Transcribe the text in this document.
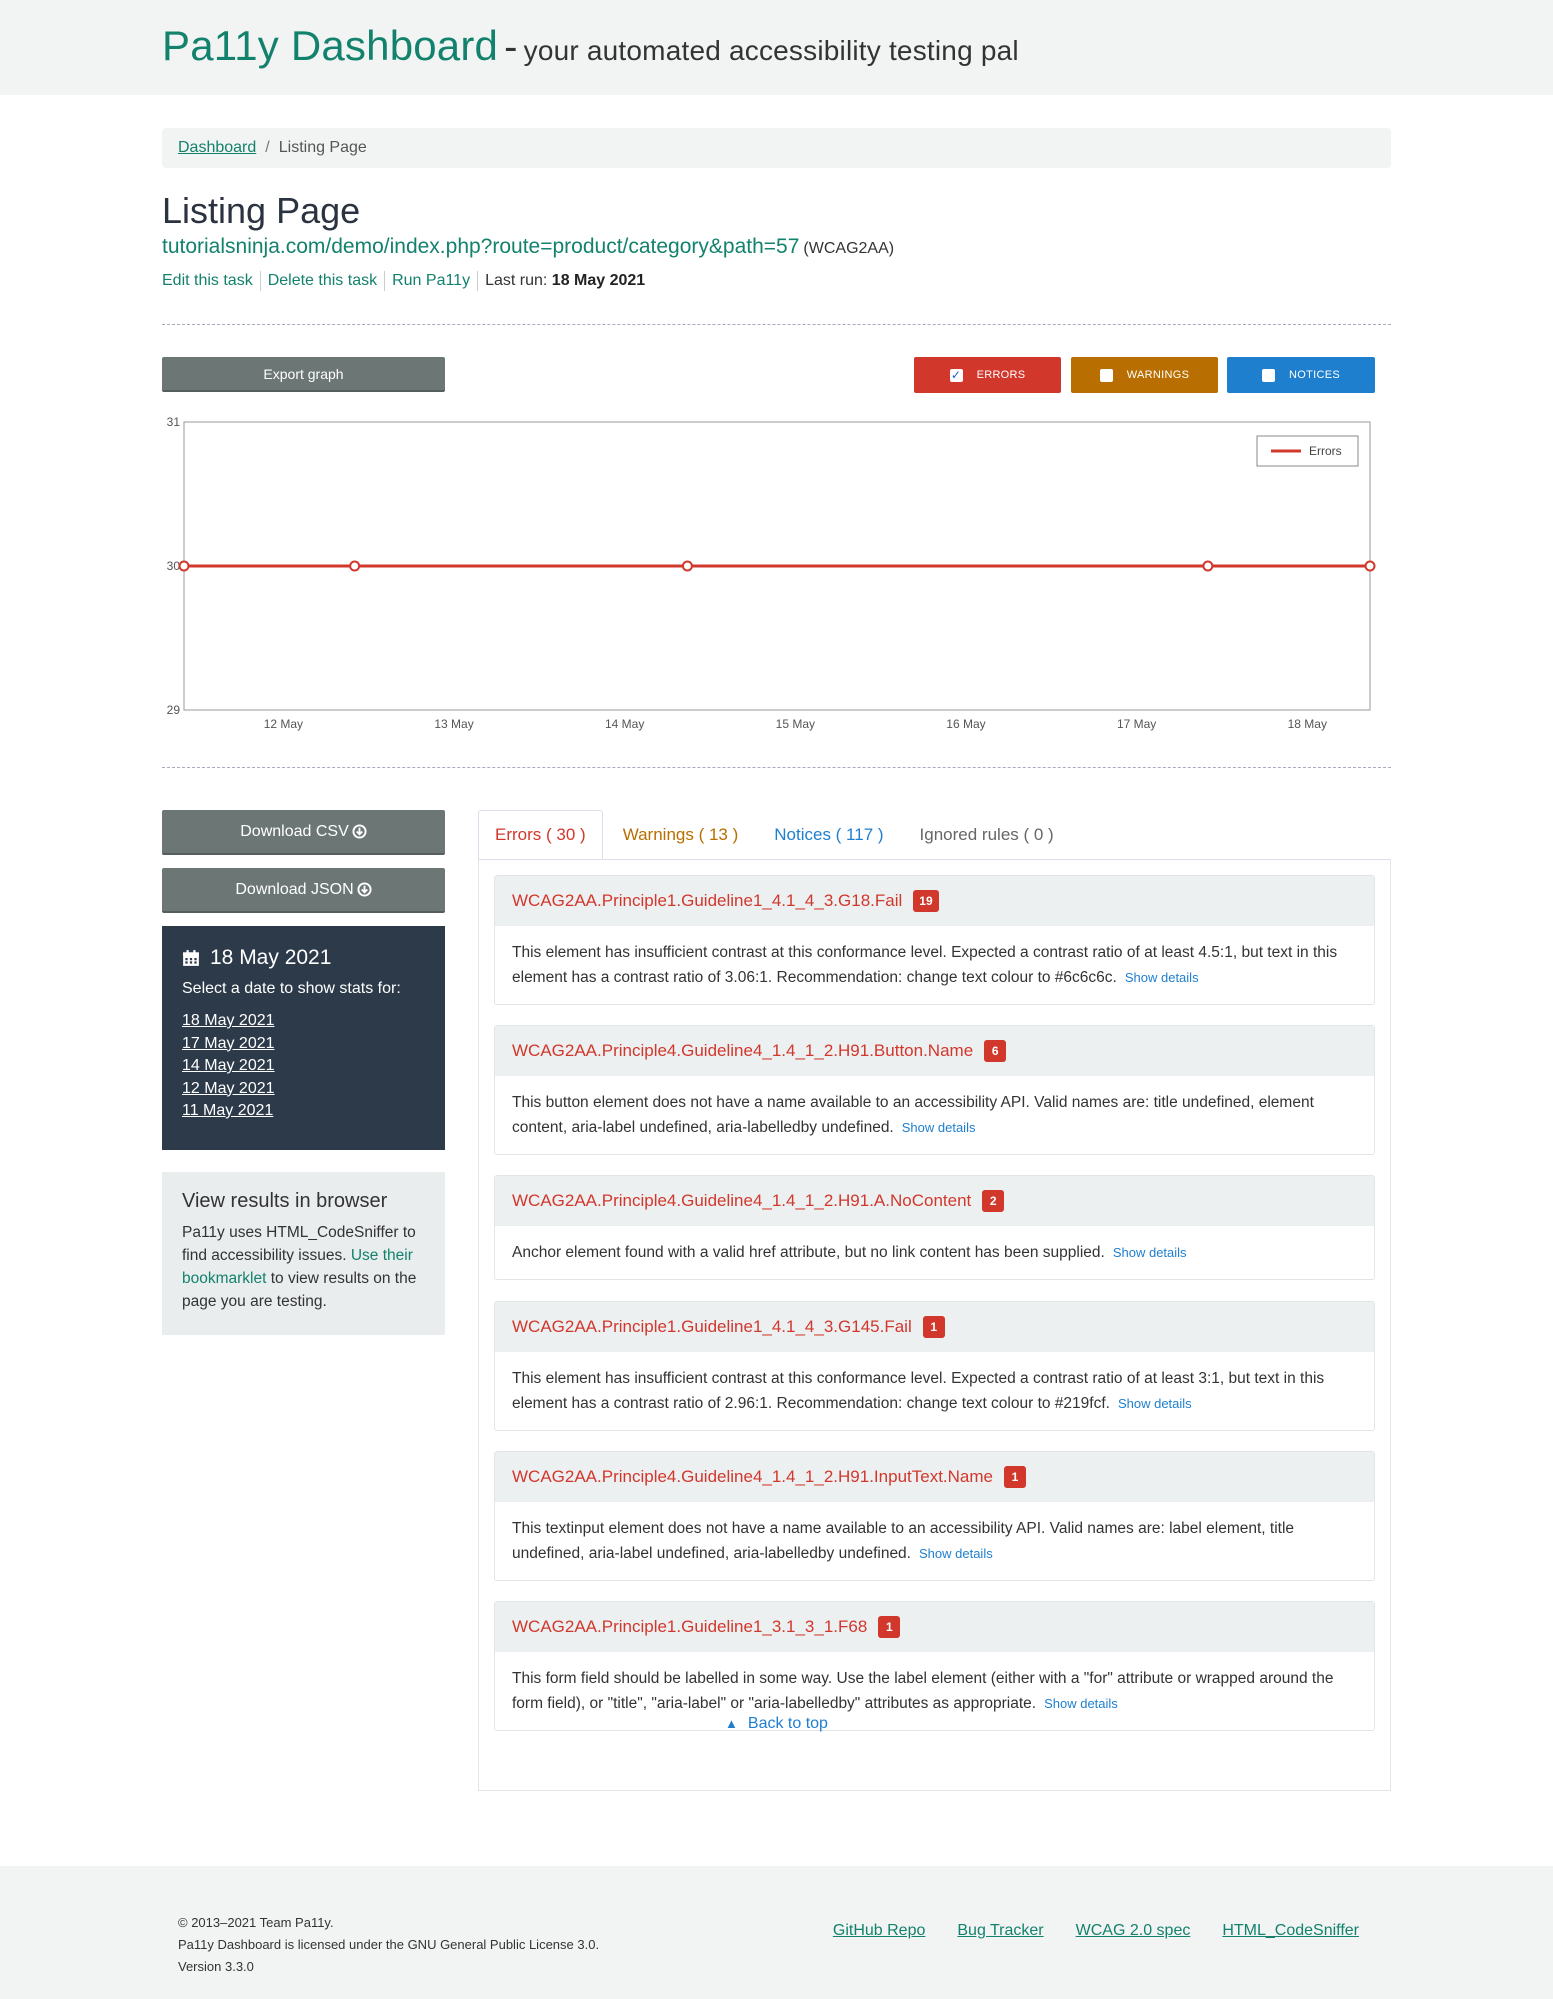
Pa11y Dashboard - your automated accessibility testing pal
Dashboard / Listing Page
Listing Page
tutorialsninja.com/demo/index.php?route=product/category&path=57 (WCAG2AA)
Edit this task Delete this task Run Pa11y Last run: 18 May 2021
Export graph	✓ ERRORS	WARNINGS	NOTICES
31
30
29
12 May	13 May	14 May	15 May	16 May	17 May	18 May
Errors
Download CSV
Download JSON
18 May 2021
Select a date to show stats for:
18 May 2021
17 May 2021
14 May 2021
12 May 2021
11 May 2021
View results in browser

Pa11y uses HTML_CodeSniffer to find accessibility issues. Use their bookmarklet to view results on the page you are testing.

Errors ( 30 )	Warnings ( 13 )	Notices ( 117 )	Ignored rules ( 0 )
WCAG2AA.Principle1.Guideline1_4.1_4_3.G18.Fail	19
This element has insufficient contrast at this conformance level. Expected a contrast ratio of at least 4.5:1, but text in this element has a contrast ratio of 3.06:1. Recommendation: change text colour to #6c6c6c. Show details
WCAG2AA.Principle4.Guideline4_1.4_1_2.H91.Button.Name	6
This button element does not have a name available to an accessibility API. Valid names are: title undefined, element content, aria-label undefined, aria-labelledby undefined. Show details
WCAG2AA.Principle4.Guideline4_1.4_1_2.H91.A.NoContent	2
Anchor element found with a valid href attribute, but no link content has been supplied. Show details
WCAG2AA.Principle1.Guideline1_4.1_4_3.G145.Fail	1
This element has insufficient contrast at this conformance level. Expected a contrast ratio of at least 3:1, but text in this element has a contrast ratio of 2.96:1. Recommendation: change text colour to #219fcf. Show details
WCAG2AA.Principle4.Guideline4_1.4_1_2.H91.InputText.Name	1
This textinput element does not have a name available to an accessibility API. Valid names are: label element, title undefined, aria-label undefined, aria-labelledby undefined. Show details
WCAG2AA.Principle1.Guideline1_3.1_3_1.F68	1
This form field should be labelled in some way. Use the label element (either with a "for" attribute or wrapped around the form field), or "title", "aria-label" or "aria-labelledby" attributes as appropriate. Show details
▲ Back to top
© 2013–2021 Team Pa11y.
Pa11y Dashboard is licensed under the GNU General Public License 3.0.
Version 3.3.0
GitHub Repo Bug Tracker WCAG 2.0 spec HTML_CodeSniffer
